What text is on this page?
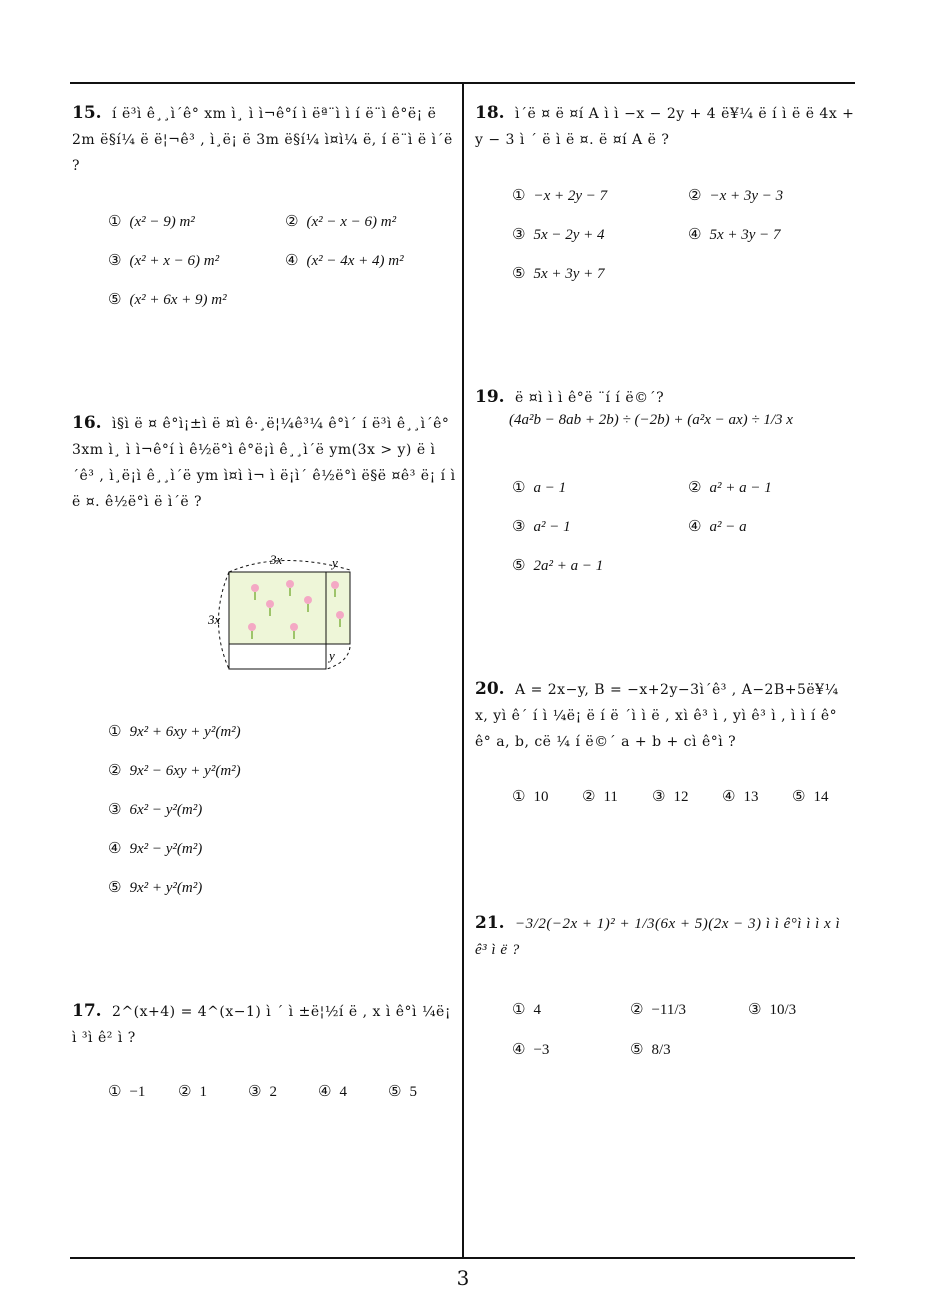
15. í ë³ì ê¸¸ì´ê° xm ì¸ ì ì¬ê°í ì ëª¨ì ì í ë¨ì ê°ë¡ ë 2m ë§í¼ ë ë¦¬ê³ , ì¸ë¡ ë 3m ë§í¼ ì¤ì¼ ë, í ë¨ì ë ì´ë ?
① (x² − 9) m²	② (x² − x − 6) m²
③ (x² + x − 6) m²	④ (x² − 4x + 4) m²
⑤ (x² + 6x + 9) m²
16. ì§ì ë ¤ ê°ì¡±ì ë ¤ì ê·¸ë¦¼ê³¼ ê°ì´ í ë³ì ê¸¸ì´ê° 3xm ì¸ ì ì¬ê°í ì ê½ë°ì ê°ë¡ì ê¸¸ì´ë ym(3x > y) ë ì´ê³ , ì¸ë¡ì ê¸¸ì´ë ym ì¤ì ì¬ ì ë¡ì´ ê½ë°ì ë§ë ¤ê³ ë¡ í ì ë ¤. ê½ë°ì ë ì´ë ?
3x	y
3x
y
① 9x² + 6xy + y²(m²)
② 9x² − 6xy + y²(m²)
③ 6x² − y²(m²)
④ 9x² − y²(m²)
⑤ 9x² + y²(m²)
17. 2^(x+4) = 4^(x−1) ì ´ ì ±ë¦½í ë , x ì ê°ì ¼ë¡ ì ³ì ê² ì ?
① −1 ② 1	③ 2	④ 4	⑤ 5
18. ì´ë ¤ ë ¤í A ì ì −x − 2y + 4 ë¥¼ ë í ì ë ë 4x + y − 3 ì ´ ë ì ë ¤. ë ¤í A ë ?
① −x + 2y − 7	② −x + 3y − 3
③ 5x − 2y + 4	④ 5x + 3y − 7
⑤ 5x + 3y + 7
19. ë ¤ì ì ì ê°ë ¨í í ë©´?
(4a²b − 8ab + 2b) ÷ (−2b) + (a²x − ax) ÷ 1/3 x
① a − 1	② a² + a − 1
③ a² − 1	④ a² − a
⑤ 2a² + a − 1
20. A = 2x−y, B = −x+2y−3ì´ê³ , A−2B+5ë¥¼ x, yì ê´ í ì ¼ë¡ ë í ë ´ì ì ë , xì ê³ ì , yì ê³ ì , ì ì í ê° ê° a, b, cë ¼ í ë©´ a + b + cì ê°ì ?
① 10 ② 11 ③ 12 ④ 13 ⑤ 14
21. −3/2(−2x + 1)² + 1/3(6x + 5)(2x − 3) ì ì ê°ì ì ì x ì ê³ ì ë ?
① 4	② −11/3	③ 10/3
④ −3	⑤ 8/3
3
